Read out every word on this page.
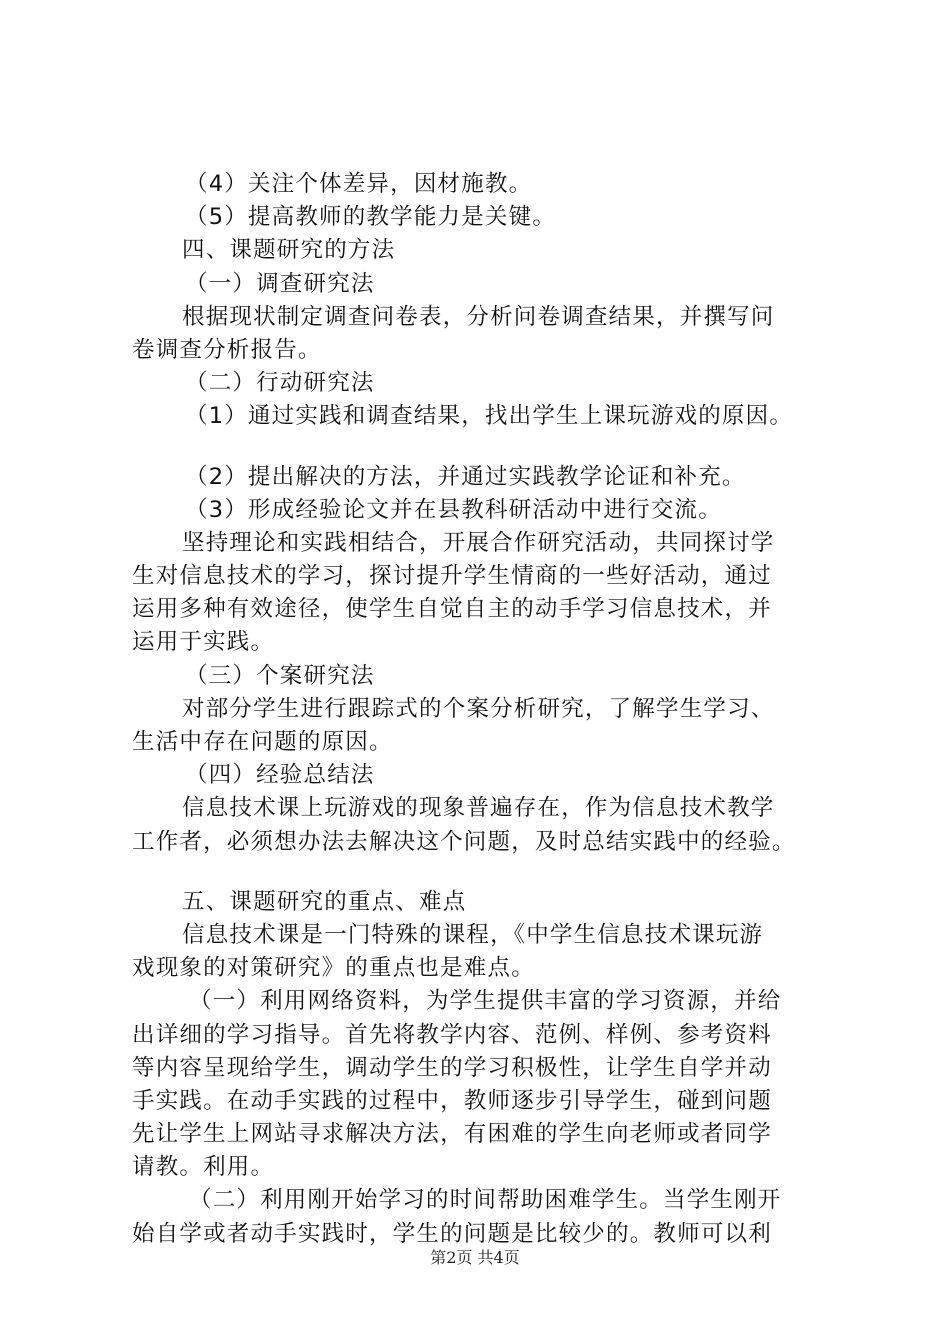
（4）关注个体差异，因材施教。
（5）提高教师的教学能力是关键。
四、课题研究的方法
（一）调查研究法
根据现状制定调查问卷表，分析问卷调查结果，并撰写问
卷调查分析报告。
（二）行动研究法
（1）通过实践和调查结果，找出学生上课玩游戏的原因。
（2）提出解决的方法，并通过实践教学论证和补充。
（3）形成经验论文并在县教科研活动中进行交流。
坚持理论和实践相结合，开展合作研究活动，共同探讨学
生对信息技术的学习，探讨提升学生情商的一些好活动，通过
运用多种有效途径，使学生自觉自主的动手学习信息技术，并
运用于实践。
（三）个案研究法
对部分学生进行跟踪式的个案分析研究，了解学生学习、
生活中存在问题的原因。
（四）经验总结法
信息技术课上玩游戏的现象普遍存在，作为信息技术教学
工作者，必须想办法去解决这个问题，及时总结实践中的经验。
五、课题研究的重点、难点
信息技术课是一门特殊的课程，《中学生信息技术课玩游
戏现象的对策研究》的重点也是难点。
（一）利用网络资料，为学生提供丰富的学习资源，并给
出详细的学习指导。首先将教学内容、范例、样例、参考资料
等内容呈现给学生，调动学生的学习积极性，让学生自学并动
手实践。在动手实践的过程中，教师逐步引导学生，碰到问题
先让学生上网站寻求解决方法，有困难的学生向老师或者同学
请教。利用。
（二）利用刚开始学习的时间帮助困难学生。当学生刚开
始自学或者动手实践时，学生的问题是比较少的。教师可以利
第2页 共4页
